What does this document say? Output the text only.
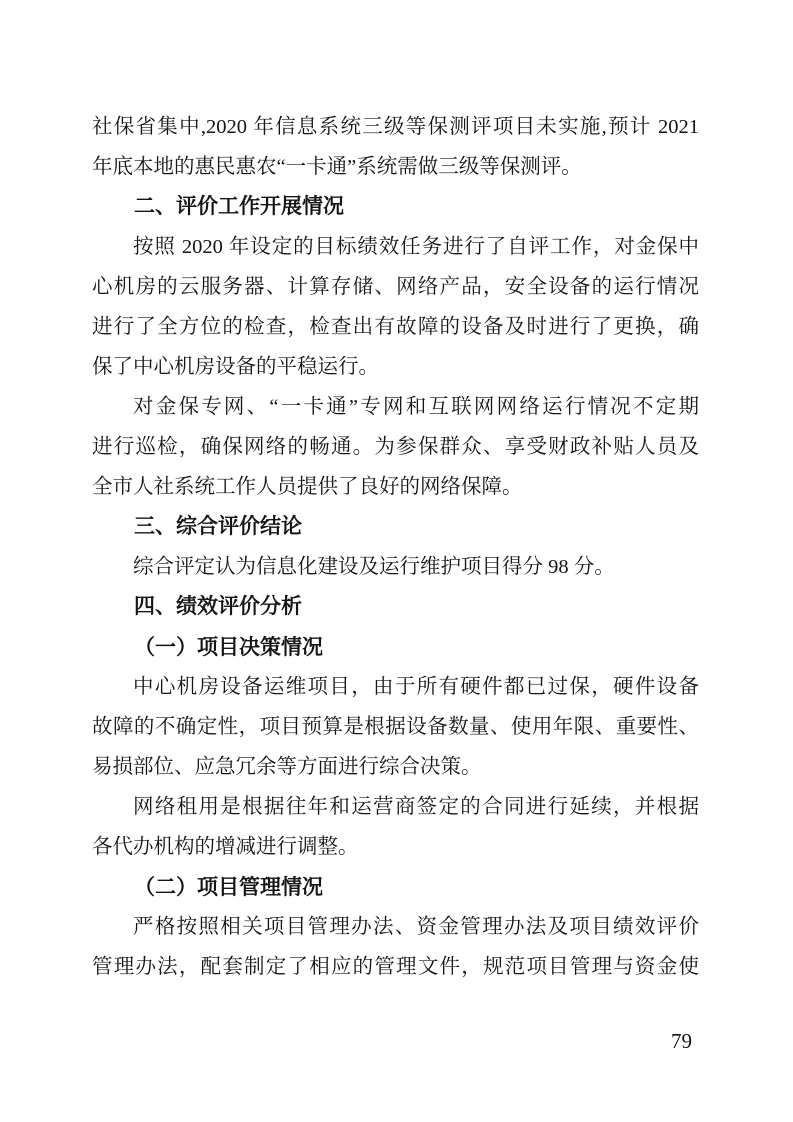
社保省集中,2020 年信息系统三级等保测评项目未实施,预计 2021
年底本地的惠民惠农“一卡通”系统需做三级等保测评。
二、评价工作开展情况
按照 2020 年设定的目标绩效任务进行了自评工作，对金保中
心机房的云服务器、计算存储、网络产品，安全设备的运行情况
进行了全方位的检查，检查出有故障的设备及时进行了更换，确
保了中心机房设备的平稳运行。
对金保专网、“一卡通”专网和互联网网络运行情况不定期
进行巡检，确保网络的畅通。为参保群众、享受财政补贴人员及
全市人社系统工作人员提供了良好的网络保障。
三、综合评价结论
综合评定认为信息化建设及运行维护项目得分 98 分。
四、绩效评价分析
（一）项目决策情况
中心机房设备运维项目，由于所有硬件都已过保，硬件设备
故障的不确定性，项目预算是根据设备数量、使用年限、重要性、
易损部位、应急冗余等方面进行综合决策。
网络租用是根据往年和运营商签定的合同进行延续，并根据
各代办机构的增减进行调整。
（二）项目管理情况
严格按照相关项目管理办法、资金管理办法及项目绩效评价
管理办法，配套制定了相应的管理文件，规范项目管理与资金使
79
